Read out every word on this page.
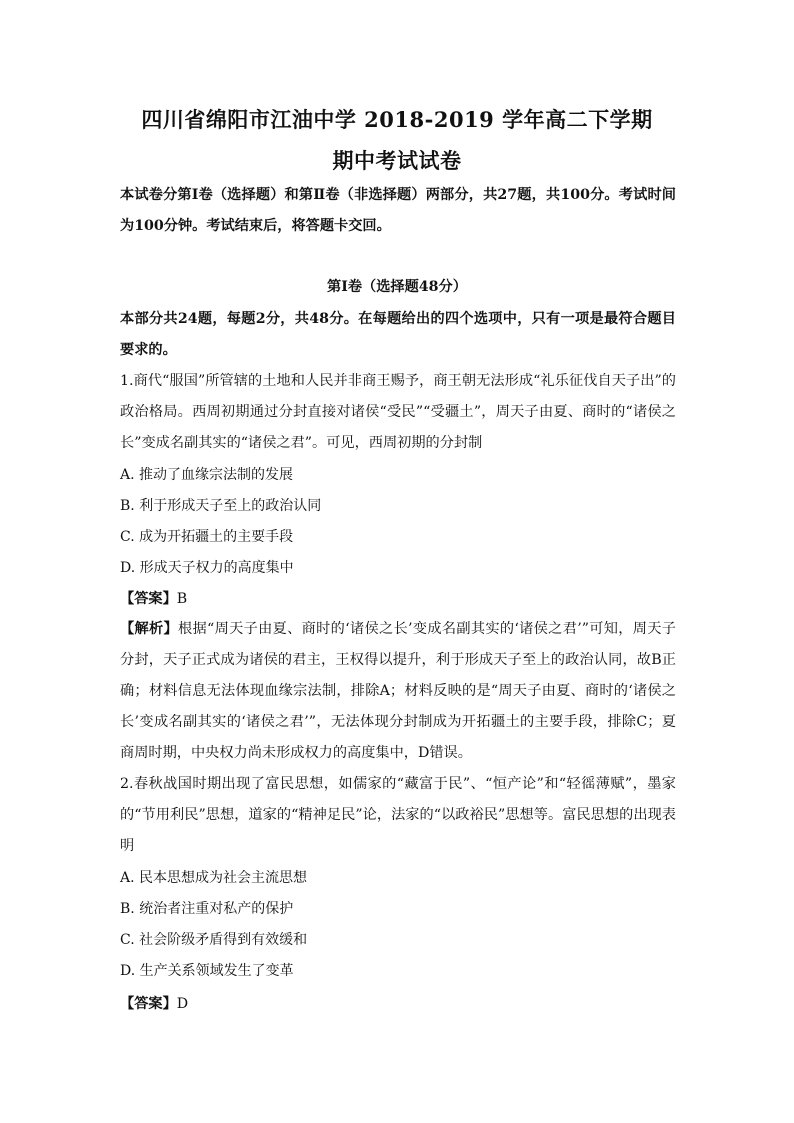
四川省绵阳市江油中学 2018-2019 学年高二下学期
期中考试试卷
本试卷分第Ⅰ卷（选择题）和第Ⅱ卷（非选择题）两部分，共27题，共100分。考试时间为100分钟。考试结束后，将答题卡交回。
第Ⅰ卷（选择题48分）
本部分共24题，每题2分，共48分。在每题给出的四个选项中，只有一项是最符合题目要求的。
1.商代“服国”所管辖的土地和人民并非商王赐予，商王朝无法形成“礼乐征伐自天子出”的政治格局。西周初期通过分封直接对诸侯“受民”“受疆土”，周天子由夏、商时的“诸侯之长”变成名副其实的“诸侯之君”。可见，西周初期的分封制
A. 推动了血缘宗法制的发展
B. 利于形成天子至上的政治认同
C. 成为开拓疆土的主要手段
D. 形成天子权力的高度集中
【答案】B
【解析】根据“周天子由夏、商时的‘诸侯之长’变成名副其实的‘诸侯之君’”可知，周天子分封，天子正式成为诸侯的君主，王权得以提升，利于形成天子至上的政治认同，故B正确；材料信息无法体现血缘宗法制，排除A；材料反映的是“周天子由夏、商时的‘诸侯之长’变成名副其实的‘诸侯之君’”，无法体现分封制成为开拓疆土的主要手段，排除C；夏商周时期，中央权力尚未形成权力的高度集中，D错误。
2.春秋战国时期出现了富民思想，如儒家的“藏富于民”、“恒产论”和“轻徭薄赋”，墨家的“节用利民”思想，道家的“精神足民”论，法家的“以政裕民”思想等。富民思想的出现表明
A. 民本思想成为社会主流思想
B. 统治者注重对私产的保护
C. 社会阶级矛盾得到有效缓和
D. 生产关系领域发生了变革
【答案】D
